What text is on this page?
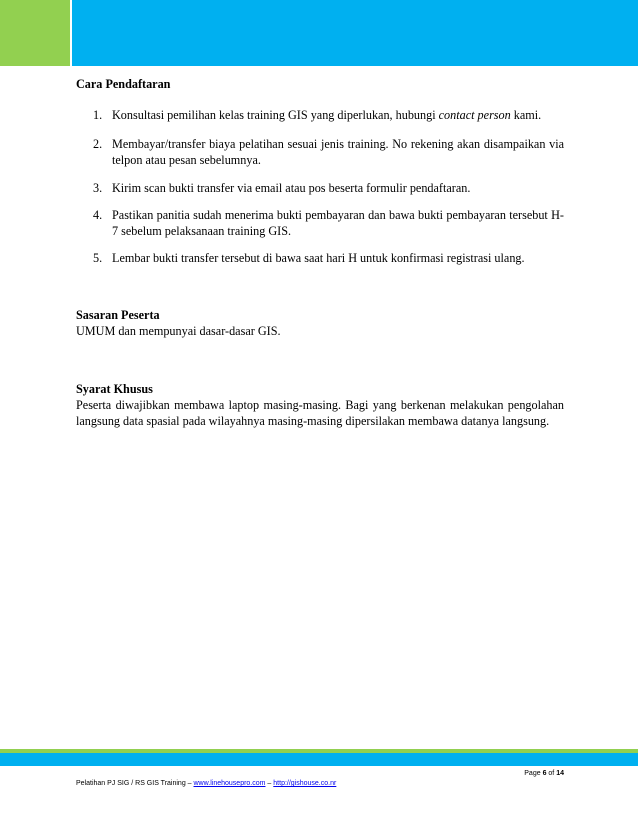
Cara Pendaftaran

1. Konsultasi pemilihan kelas training GIS yang diperlukan, hubungi contact person kami.
2. Membayar/transfer biaya pelatihan sesuai jenis training. No rekening akan disampaikan via telpon atau pesan sebelumnya.
3. Kirim scan bukti transfer via email atau pos beserta formulir pendaftaran.
4. Pastikan panitia sudah menerima bukti pembayaran dan bawa bukti pembayaran tersebut H-7 sebelum pelaksanaan training GIS.
5. Lembar bukti transfer tersebut di bawa saat hari H untuk konfirmasi registrasi ulang.

Sasaran Peserta

UMUM dan mempunyai dasar-dasar GIS.

Syarat Khusus

Peserta diwajibkan membawa laptop masing-masing. Bagi yang berkenan melakukan pengolahan langsung data spasial pada wilayahnya masing-masing dipersilakan membawa datanya langsung.

Page 6 of 14
Pelatihan PJ SIG / RS GIS Training – www.linehousepro.com – http://gishouse.co.nr
